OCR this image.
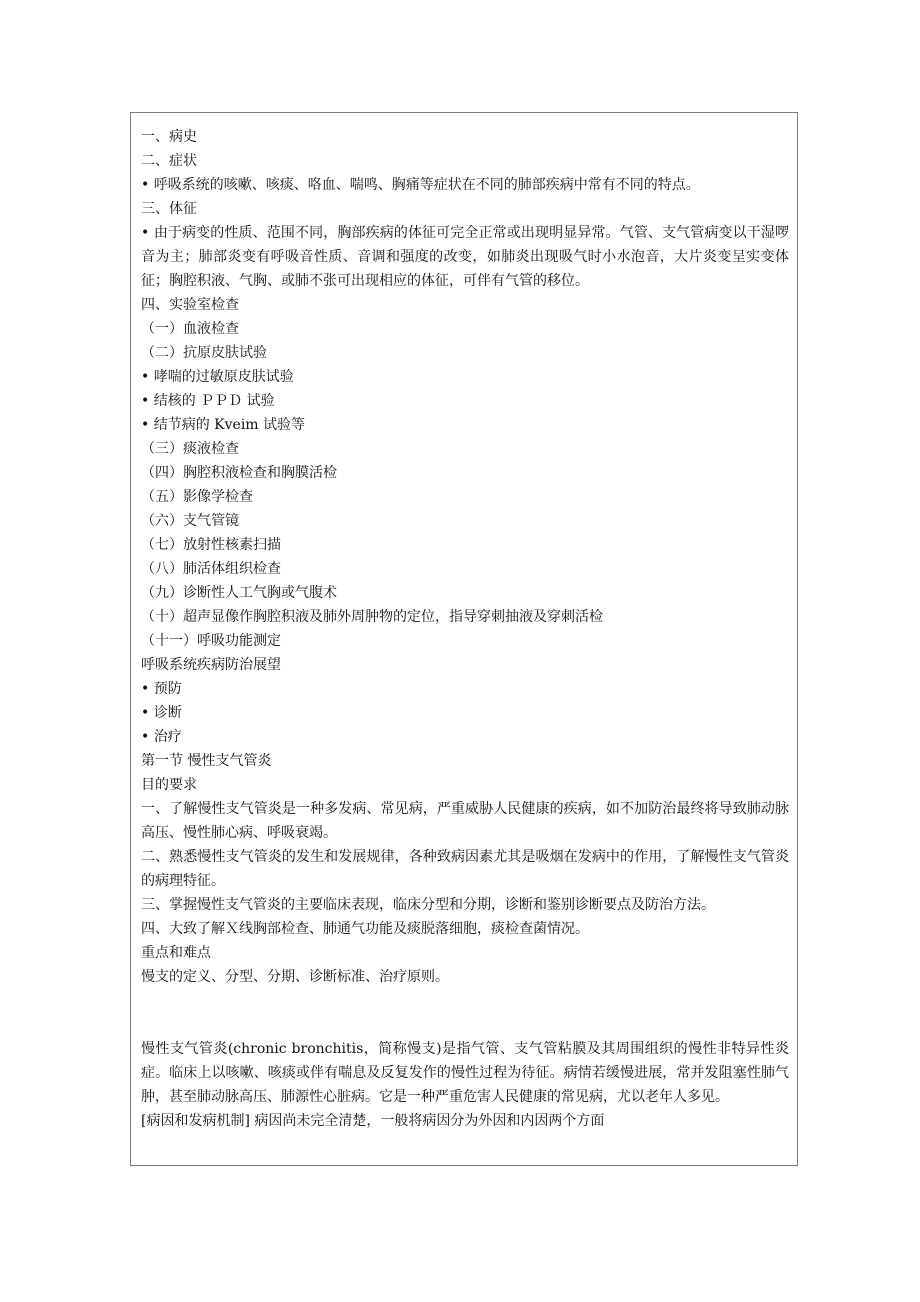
一、病史
二、症状
• 呼吸系统的咳嗽、咳痰、咯血、喘鸣、胸痛等症状在不同的肺部疾病中常有不同的特点。
三、体征
• 由于病变的性质、范围不同，胸部疾病的体征可完全正常或出现明显异常。气管、支气管病变以干湿啰音为主；肺部炎变有呼吸音性质、音调和强度的改变，如肺炎出现吸气时小水泡音，大片炎变呈实变体征；胸腔积液、气胸、或肺不张可出现相应的体征，可伴有气管的移位。
四、实验室检查
（一）血液检查
（二）抗原皮肤试验
• 哮喘的过敏原皮肤试验
• 结核的 ＰＰＤ 试验
• 结节病的 Kveim 试验等
（三）痰液检查
（四）胸腔积液检查和胸膜活检
（五）影像学检查
（六）支气管镜
（七）放射性核素扫描
（八）肺活体组织检查
（九）诊断性人工气胸或气腹术
（十）超声显像作胸腔积液及肺外周肿物的定位，指导穿刺抽液及穿刺活检
（十一）呼吸功能测定
呼吸系统疾病防治展望
• 预防
• 诊断
• 治疗
第一节 慢性支气管炎
目的要求
一、了解慢性支气管炎是一种多发病、常见病，严重威胁人民健康的疾病，如不加防治最终将导致肺动脉高压、慢性肺心病、呼吸衰竭。
二、熟悉慢性支气管炎的发生和发展规律，各种致病因素尤其是吸烟在发病中的作用，了解慢性支气管炎的病理特征。
三、掌握慢性支气管炎的主要临床表现，临床分型和分期，诊断和鉴别诊断要点及防治方法。
四、大致了解Ｘ线胸部检查、肺通气功能及痰脱落细胞，痰检查菌情况。
重点和难点
慢支的定义、分型、分期、诊断标准、治疗原则。
慢性支气管炎(chronic bronchitis，简称慢支)是指气管、支气管粘膜及其周围组织的慢性非特异性炎症。临床上以咳嗽、咳痰或伴有喘息及反复发作的慢性过程为待征。病情若缓慢进展，常并发阻塞性肺气肿，甚至肺动脉高压、肺源性心脏病。它是一种严重危害人民健康的常见病，尤以老年人多见。
[病因和发病机制] 病因尚未完全清楚，一般将病因分为外因和内因两个方面
